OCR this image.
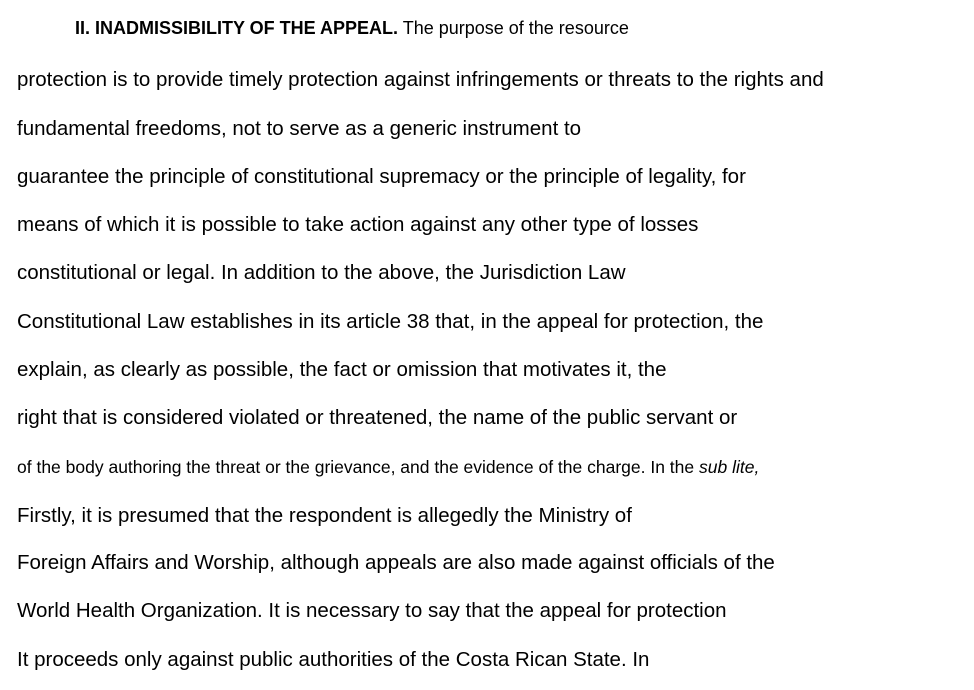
II. INADMISSIBILITY OF THE APPEAL. The purpose of the resource
protection is to provide timely protection against infringements or threats to the rights and
fundamental freedoms, not to serve as a generic instrument to
guarantee the principle of constitutional supremacy or the principle of legality, for
means of which it is possible to take action against any other type of losses
constitutional or legal. In addition to the above, the Jurisdiction Law
Constitutional Law establishes in its article 38 that, in the appeal for protection, the
explain, as clearly as possible, the fact or omission that motivates it, the
right that is considered violated or threatened, the name of the public servant or
of the body authoring the threat or the grievance, and the evidence of the charge. In the sub lite,
Firstly, it is presumed that the respondent is allegedly the Ministry of
Foreign Affairs and Worship, although appeals are also made against officials of the
World Health Organization. It is necessary to say that the appeal for protection
It proceeds only against public authorities of the Costa Rican State. In
